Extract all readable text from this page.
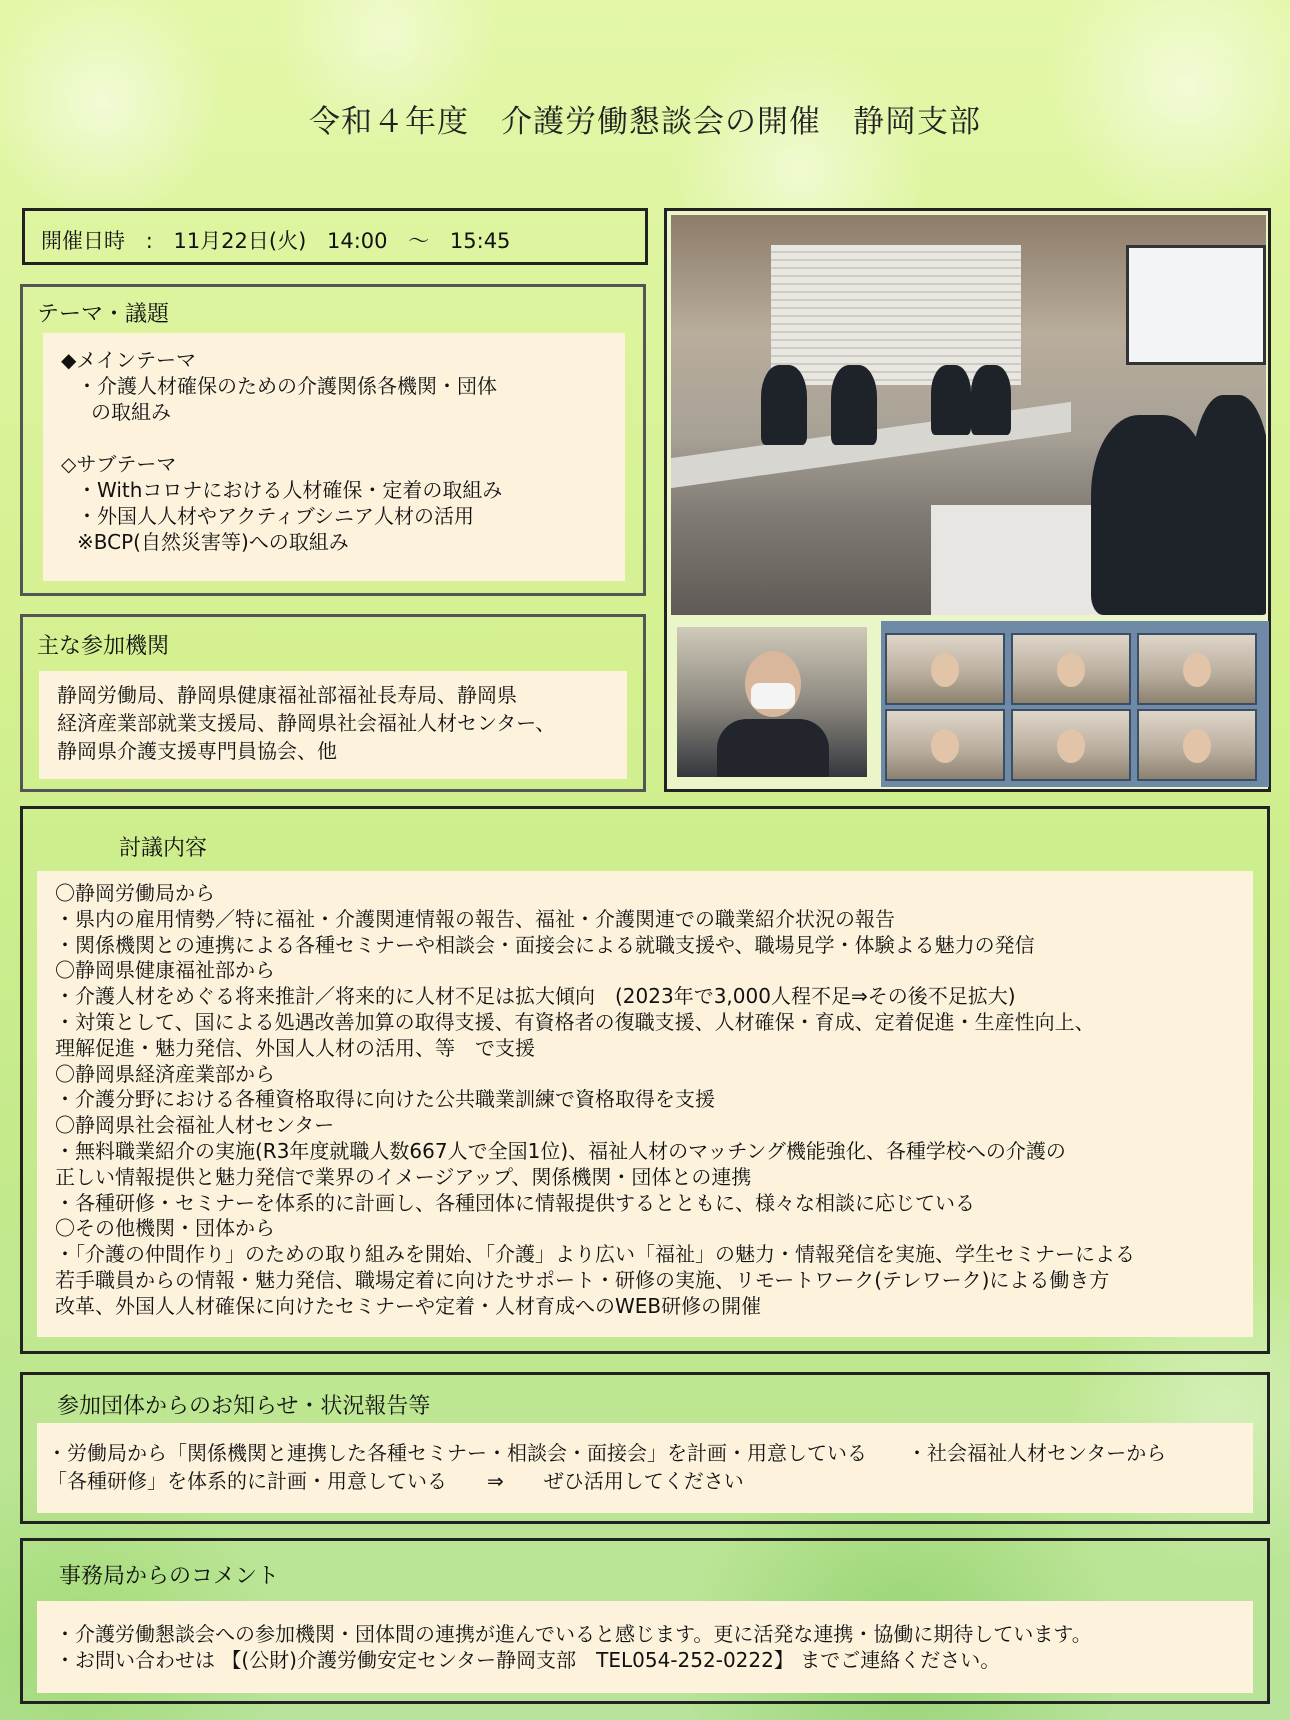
令和４年度　介護労働懇談会の開催　静岡支部
開催日時 : 11月22日(火) 14:00 〜 15:45
テーマ・議題
◆メインテーマ
・介護人材確保のための介護関係各機関・団体
の取組み
◇サブテーマ
・Withコロナにおける人材確保・定着の取組み
・外国人人材やアクティブシニア人材の活用
※BCP(自然災害等)への取組み
主な参加機関
静岡労働局、静岡県健康福祉部福祉長寿局、静岡県
経済産業部就業支援局、静岡県社会福祉人材センター、
静岡県介護支援専門員協会、他
討議内容
〇静岡労働局から
・県内の雇用情勢／特に福祉・介護関連情報の報告、福祉・介護関連での職業紹介状況の報告
・関係機関との連携による各種セミナーや相談会・面接会による就職支援や、職場見学・体験よる魅力の発信
〇静岡県健康福祉部から
・介護人材をめぐる将来推計／将来的に人材不足は拡大傾向　(2023年で3,000人程不足⇒その後不足拡大)
・対策として、国による処遇改善加算の取得支援、有資格者の復職支援、人材確保・育成、定着促進・生産性向上、
理解促進・魅力発信、外国人人材の活用、等　で支援
〇静岡県経済産業部から
・介護分野における各種資格取得に向けた公共職業訓練で資格取得を支援
〇静岡県社会福祉人材センター
・無料職業紹介の実施(R3年度就職人数667人で全国1位)、福祉人材のマッチング機能強化、各種学校への介護の
正しい情報提供と魅力発信で業界のイメージアップ、関係機関・団体との連携
・各種研修・セミナーを体系的に計画し、各種団体に情報提供するとともに、様々な相談に応じている
〇その他機関・団体から
・「介護の仲間作り」のための取り組みを開始、「介護」より広い「福祉」の魅力・情報発信を実施、学生セミナーによる
若手職員からの情報・魅力発信、職場定着に向けたサポート・研修の実施、リモートワーク(テレワーク)による働き方
改革、外国人人材確保に向けたセミナーや定着・人材育成へのWEB研修の開催
参加団体からのお知らせ・状況報告等
・労働局から「関係機関と連携した各種セミナー・相談会・面接会」を計画・用意している　　・社会福祉人材センターから
「各種研修」を体系的に計画・用意している　　⇒　　ぜひ活用してください
事務局からのコメント
・介護労働懇談会への参加機関・団体間の連携が進んでいると感じます。更に活発な連携・協働に期待しています。
・お問い合わせは 【(公財)介護労働安定センター静岡支部　TEL054-252-0222】 までご連絡ください。
